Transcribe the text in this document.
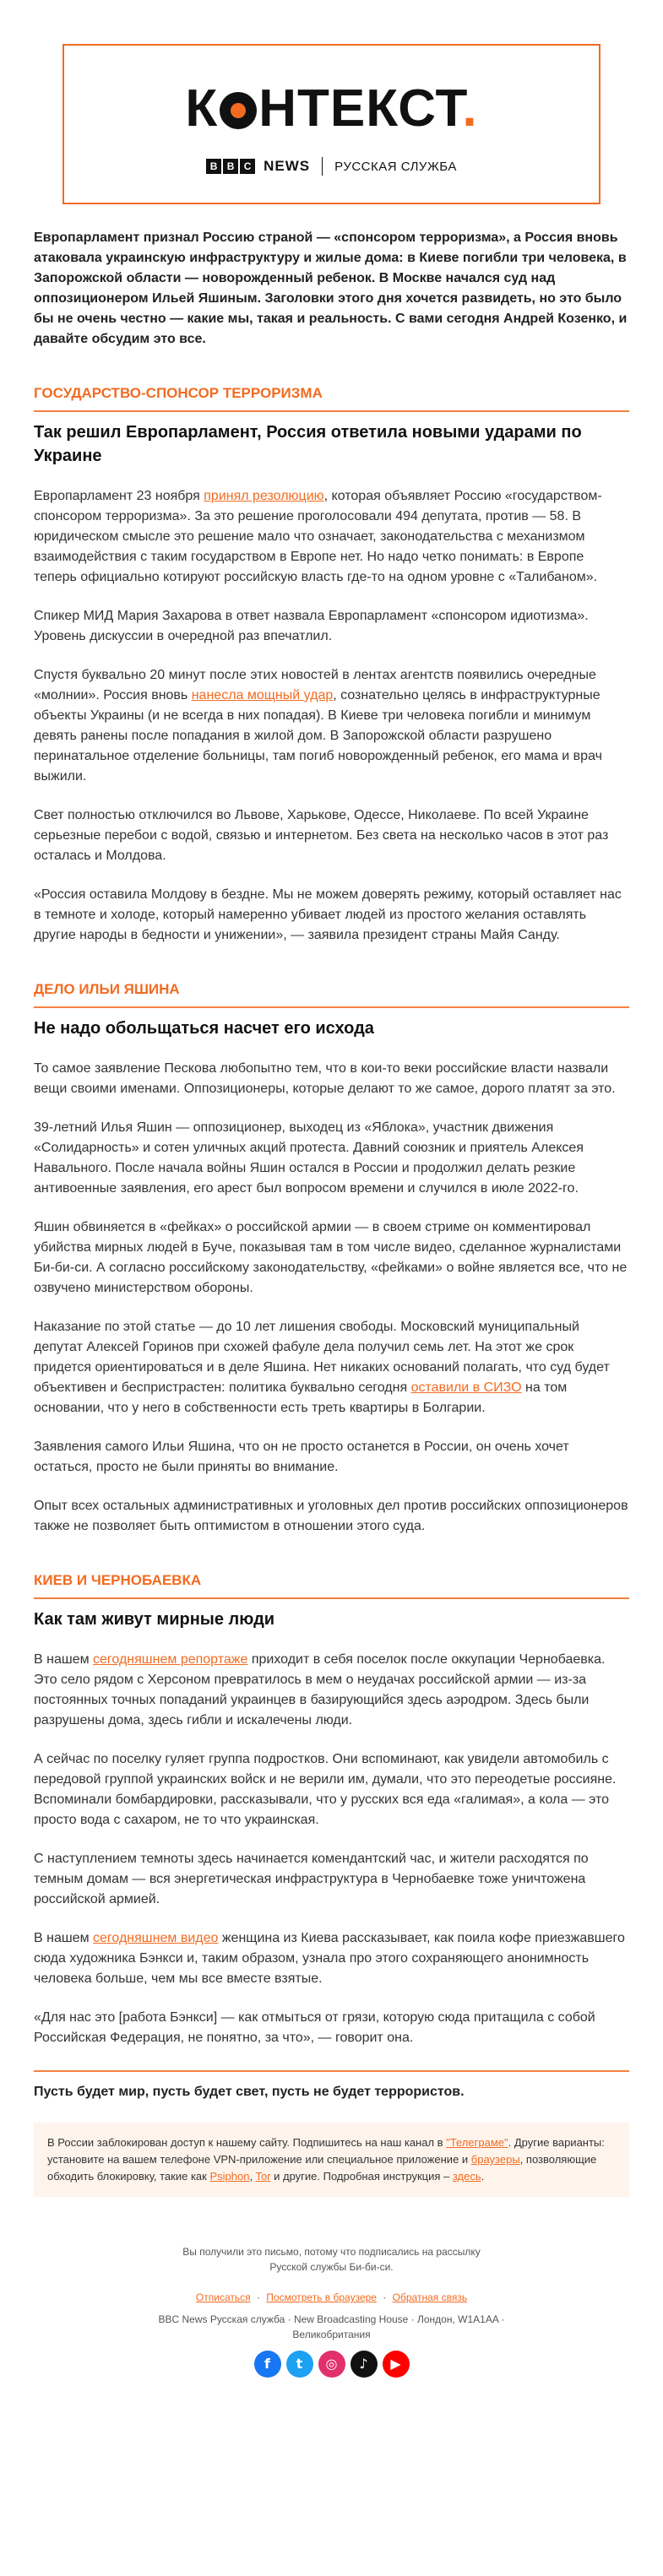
К НТЕКСТ.
B B C NEWS РУССКАЯ СЛУЖБА
Европарламент признал Россию страной — «спонсором терроризма», а Россия вновь атаковала украинскую инфраструктуру и жилые дома: в Киеве погибли три человека, в Запорожской области — новорожденный ребенок. В Москве начался суд над оппозиционером Ильей Яшиным. Заголовки этого дня хочется развидеть, но это было бы не очень честно — какие мы, такая и реальность. С вами сегодня Андрей Козенко, и давайте обсудим это все.
ГОСУДАРСТВО-СПОНСОР ТЕРРОРИЗМА
Так решил Европарламент, Россия ответила новыми ударами по Украине

Европарламент 23 ноября принял резолюцию, которая объявляет Россию «государством-спонсором терроризма». За это решение проголосовали 494 депутата, против — 58. В юридическом смысле это решение мало что означает, законодательства с механизмом взаимодействия с таким государством в Европе нет. Но надо четко понимать: в Европе теперь официально котируют российскую власть где-то на одном уровне с «Талибаном».

Спикер МИД Мария Захарова в ответ назвала Европарламент «спонсором идиотизма». Уровень дискуссии в очередной раз впечатлил.

Спустя буквально 20 минут после этих новостей в лентах агентств появились очередные «молнии». Россия вновь нанесла мощный удар, сознательно целясь в инфраструктурные объекты Украины (и не всегда в них попадая). В Киеве три человека погибли и минимум девять ранены после попадания в жилой дом. В Запорожской области разрушено перинатальное отделение больницы, там погиб новорожденный ребенок, его мама и врач выжили.

Свет полностью отключился во Львове, Харькове, Одессе, Николаеве. По всей Украине серьезные перебои с водой, связью и интернетом. Без света на несколько часов в этот раз осталась и Молдова.

«Россия оставила Молдову в бездне. Мы не можем доверять режиму, который оставляет нас в темноте и холоде, который намеренно убивает людей из простого желания оставлять другие народы в бедности и унижении», — заявила президент страны Майя Санду.

ДЕЛО ИЛЬИ ЯШИНА
Не надо обольщаться насчет его исхода

То самое заявление Пескова любопытно тем, что в кои-то веки российские власти назвали вещи своими именами. Оппозиционеры, которые делают то же самое, дорого платят за это.

39-летний Илья Яшин — оппозиционер, выходец из «Яблока», участник движения «Солидарность» и сотен уличных акций протеста. Давний союзник и приятель Алексея Навального. После начала войны Яшин остался в России и продолжил делать резкие антивоенные заявления, его арест был вопросом времени и случился в июле 2022-го.

Яшин обвиняется в «фейках» о российской армии — в своем стриме он комментировал убийства мирных людей в Буче, показывая там в том числе видео, сделанное журналистами Би-би-си. А согласно российскому законодательству, «фейками» о войне является все, что не озвучено министерством обороны.

Наказание по этой статье — до 10 лет лишения свободы. Московский муниципальный депутат Алексей Горинов при схожей фабуле дела получил семь лет. На этот же срок придется ориентироваться и в деле Яшина. Нет никаких оснований полагать, что суд будет объективен и беспристрастен: политика буквально сегодня оставили в СИЗО на том основании, что у него в собственности есть треть квартиры в Болгарии.

Заявления самого Ильи Яшина, что он не просто останется в России, он очень хочет остаться, просто не были приняты во внимание.

Опыт всех остальных административных и уголовных дел против российских оппозиционеров также не позволяет быть оптимистом в отношении этого суда.

КИЕВ И ЧЕРНОБАЕВКА
Как там живут мирные люди

В нашем сегодняшнем репортаже приходит в себя поселок после оккупации Чернобаевка. Это село рядом с Херсоном превратилось в мем о неудачах российской армии — из-за постоянных точных попаданий украинцев в базирующийся здесь аэродром. Здесь были разрушены дома, здесь гибли и искалечены люди.

А сейчас по поселку гуляет группа подростков. Они вспоминают, как увидели автомобиль с передовой группой украинских войск и не верили им, думали, что это переодетые россияне. Вспоминали бомбардировки, рассказывали, что у русских вся еда «галимая», а кола — это просто вода с сахаром, не то что украинская.

С наступлением темноты здесь начинается комендантский час, и жители расходятся по темным домам — вся энергетическая инфраструктура в Чернобаевке тоже уничтожена российской армией.

В нашем сегодняшнем видео женщина из Киева рассказывает, как поила кофе приезжавшего сюда художника Бэнкси и, таким образом, узнала про этого сохраняющего анонимность человека больше, чем мы все вместе взятые.

«Для нас это [работа Бэнкси] — как отмыться от грязи, которую сюда притащила с собой Российская Федерация, не понятно, за что», — говорит она.

Пусть будет мир, пусть будет свет, пусть не будет террористов.
В России заблокирован доступ к нашему сайту. Подпишитесь на наш канал в "Телеграме". Другие варианты: установите на вашем телефоне VPN-приложение или специальное приложение и браузеры, позволяющие обходить блокировку, такие как Psiphon, Tor и другие. Подробная инструкция – здесь.
Вы получили это письмо, потому что подписались на рассылку Русской службы Би-би-си.
Отписаться · Посмотреть в браузере · Обратная связь
BBC News Русская служба · New Broadcasting House · Лондон, W1A1AA · Великобритания
f	t	◎	♪	▶
